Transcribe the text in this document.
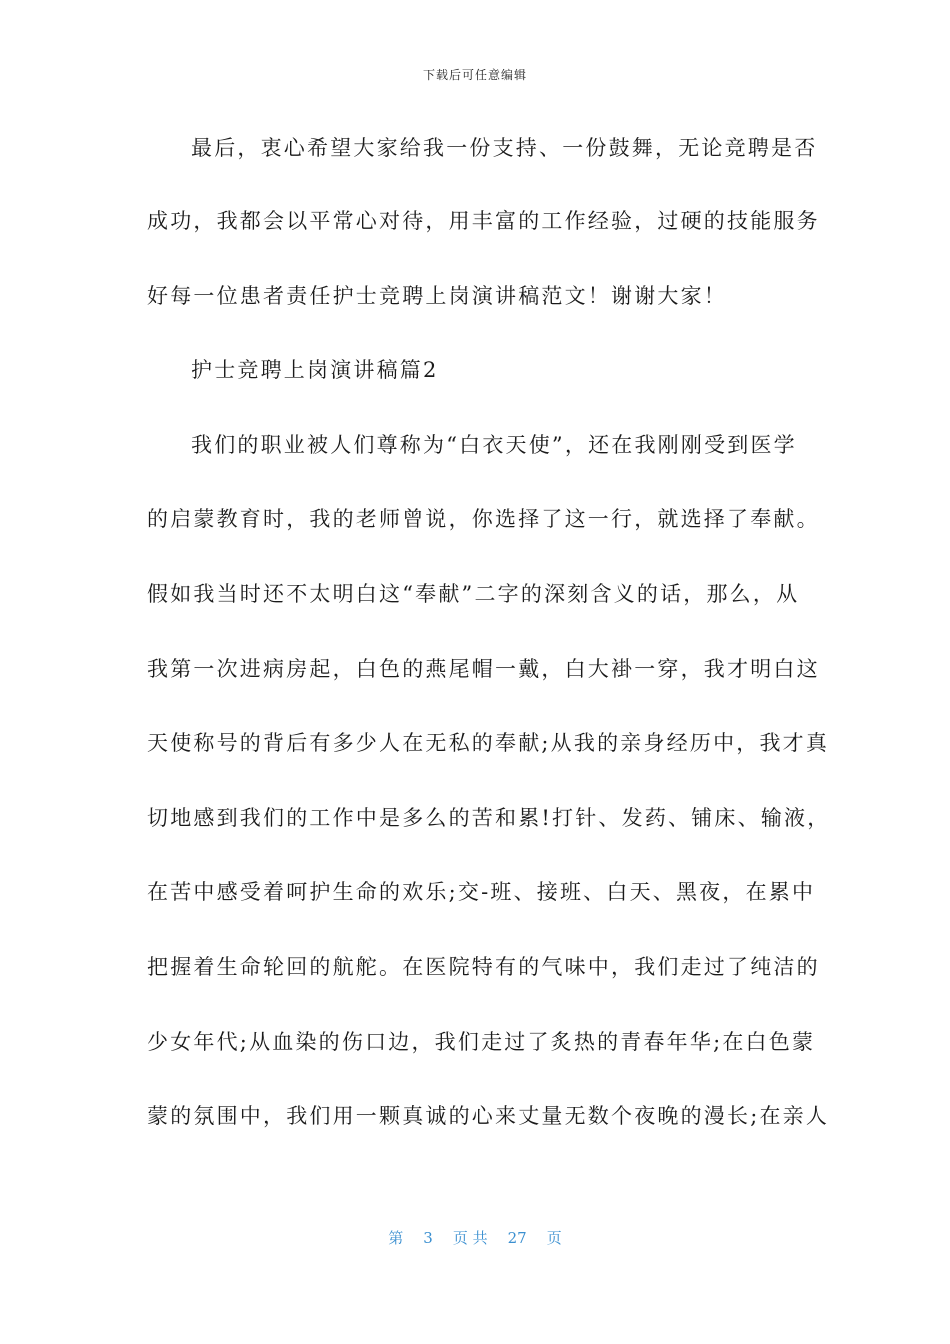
下载后可任意编辑
最后，衷心希望大家给我一份支持、一份鼓舞，无论竞聘是否
成功，我都会以平常心对待，用丰富的工作经验，过硬的技能服务
好每一位患者责任护士竞聘上岗演讲稿范文！谢谢大家！
护士竞聘上岗演讲稿篇2
我们的职业被人们尊称为“白衣天使”，还在我刚刚受到医学
的启蒙教育时，我的老师曾说，你选择了这一行，就选择了奉献。
假如我当时还不太明白这“奉献”二字的深刻含义的话，那么，从
我第一次进病房起，白色的燕尾帽一戴，白大褂一穿，我才明白这
天使称号的背后有多少人在无私的奉献;从我的亲身经历中，我才真
切地感到我们的工作中是多么的苦和累!打针、发药、铺床、输液，
在苦中感受着呵护生命的欢乐;交-班、接班、白天、黑夜，在累中
把握着生命轮回的航舵。在医院特有的气味中，我们走过了纯洁的
少女年代;从血染的伤口边，我们走过了炙热的青春年华;在白色蒙
蒙的氛围中，我们用一颗真诚的心来丈量无数个夜晚的漫长;在亲人
第 3 页 共 27 页
